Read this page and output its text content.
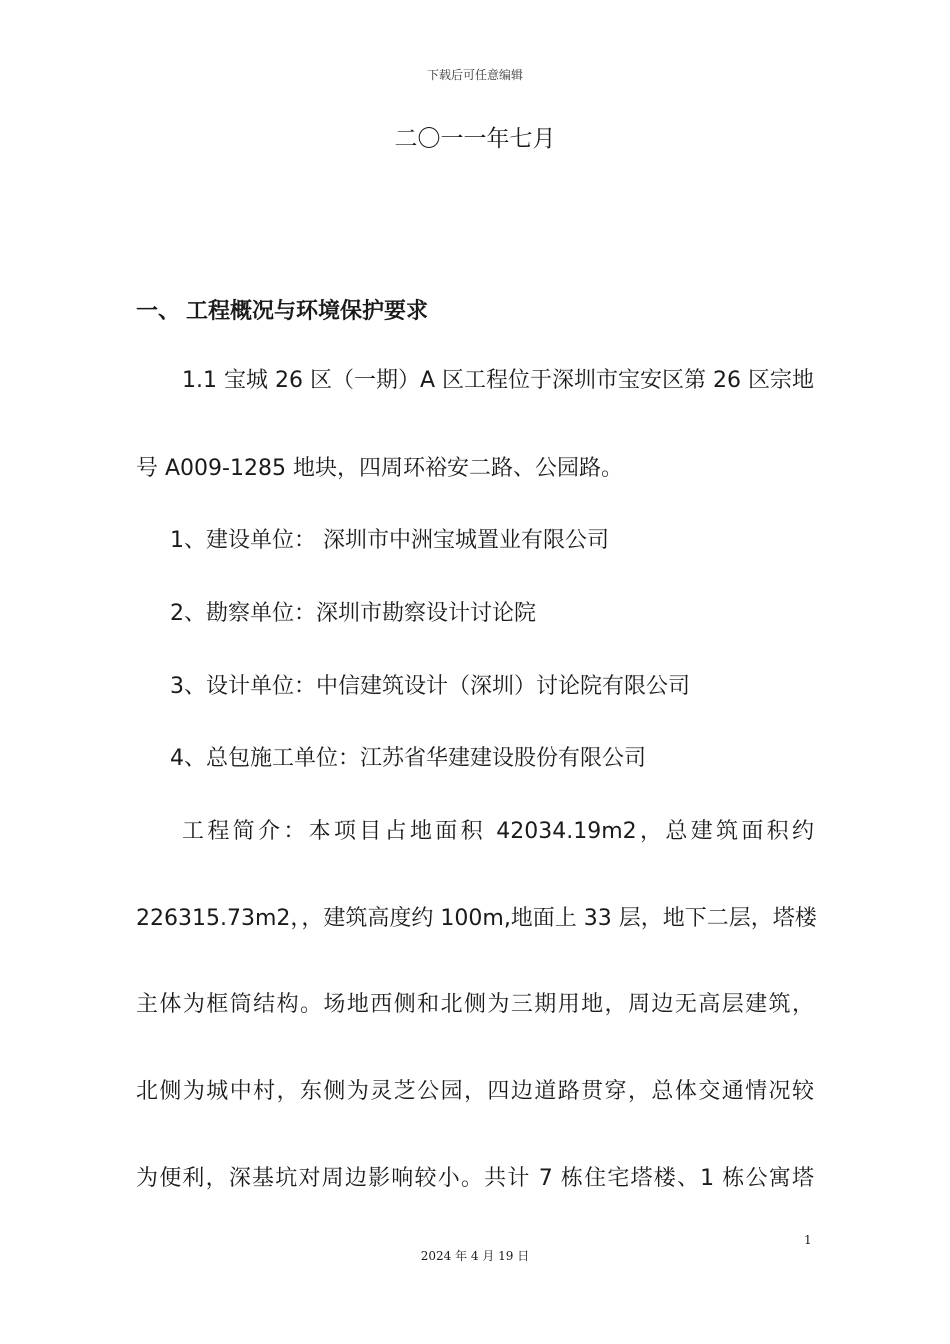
下载后可任意编辑
二〇一一年七月
一、 工程概况与环境保护要求
1.1 宝城 26 区（一期）A 区工程位于深圳市宝安区第 26 区宗地
号 A009-1285 地块，四周环裕安二路、公园路。
1、建设单位： 深圳市中洲宝城置业有限公司
2、勘察单位：深圳市勘察设计讨论院
3、设计单位：中信建筑设计（深圳）讨论院有限公司
4、总包施工单位：江苏省华建建设股份有限公司
工程简介：本项目占地面积 42034.19m2，总建筑面积约
226315.73m2，，建筑高度约 100m,地面上 33 层，地下二层，塔楼
主体为框筒结构。场地西侧和北侧为三期用地，周边无高层建筑，
北侧为城中村，东侧为灵芝公园，四边道路贯穿，总体交通情况较
为便利，深基坑对周边影响较小。共计 7 栋住宅塔楼、1 栋公寓塔
1
2024 年 4 月 19 日
